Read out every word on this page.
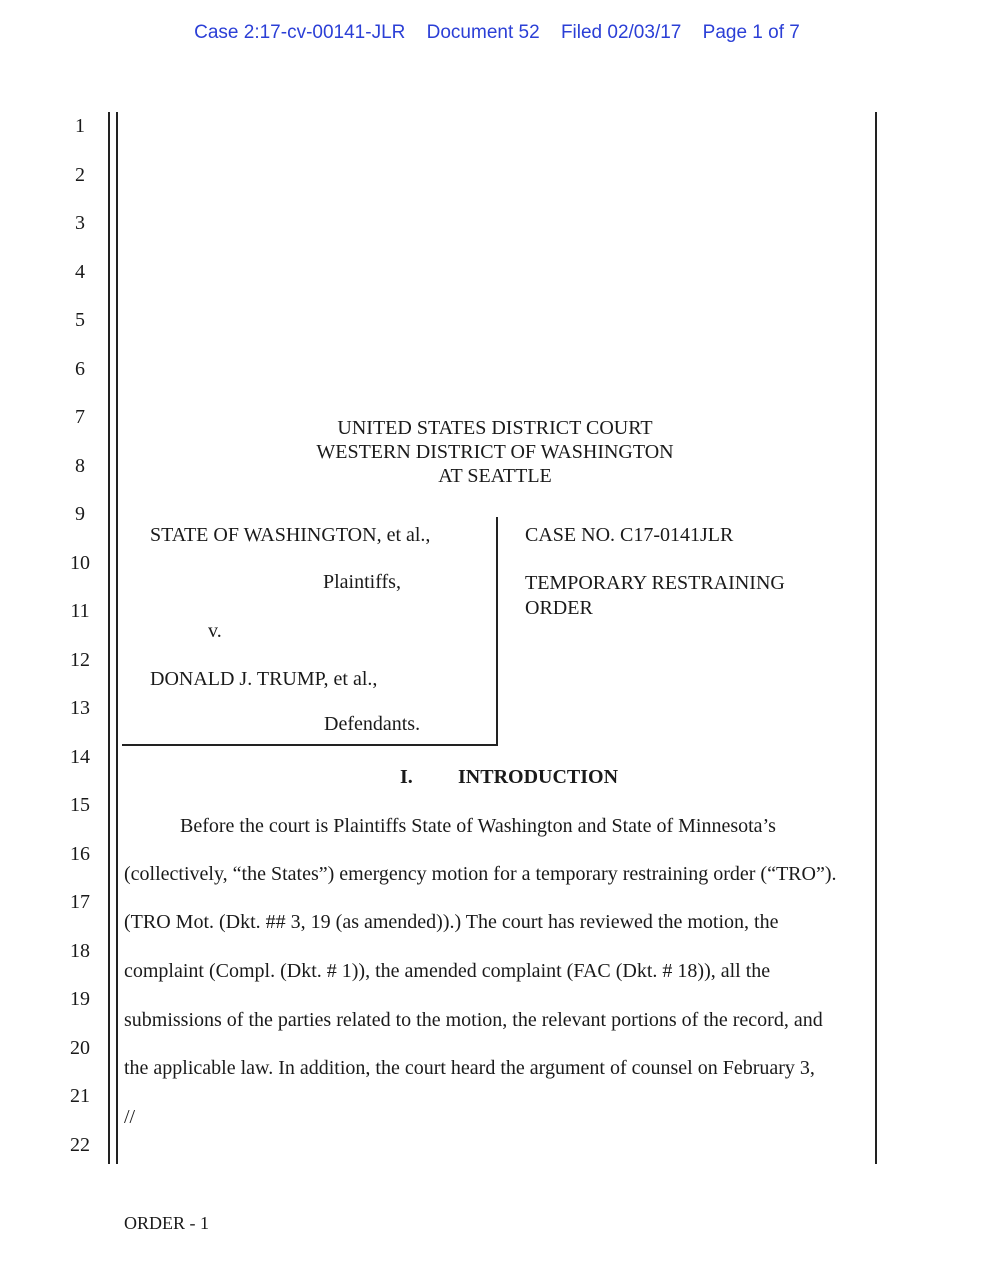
Case 2:17-cv-00141-JLR Document 52 Filed 02/03/17 Page 1 of 7
1
2
3
4
5
6
7
8
9
10
11
12
13
14
15
16
17
18
19
20
21
22
UNITED STATES DISTRICT COURT
WESTERN DISTRICT OF WASHINGTON
AT SEATTLE
STATE OF WASHINGTON, et al.,
Plaintiffs,
v.
DONALD J. TRUMP, et al.,
Defendants.
CASE NO. C17-0141JLR
TEMPORARY RESTRAINING
ORDER
I. INTRODUCTION
Before the court is Plaintiffs State of Washington and State of Minnesota’s
(collectively, “the States”) emergency motion for a temporary restraining order (“TRO”).
(TRO Mot. (Dkt. ## 3, 19 (as amended)).) The court has reviewed the motion, the
complaint (Compl. (Dkt. # 1)), the amended complaint (FAC (Dkt. # 18)), all the
submissions of the parties related to the motion, the relevant portions of the record, and
the applicable law. In addition, the court heard the argument of counsel on February 3,
//
ORDER - 1
